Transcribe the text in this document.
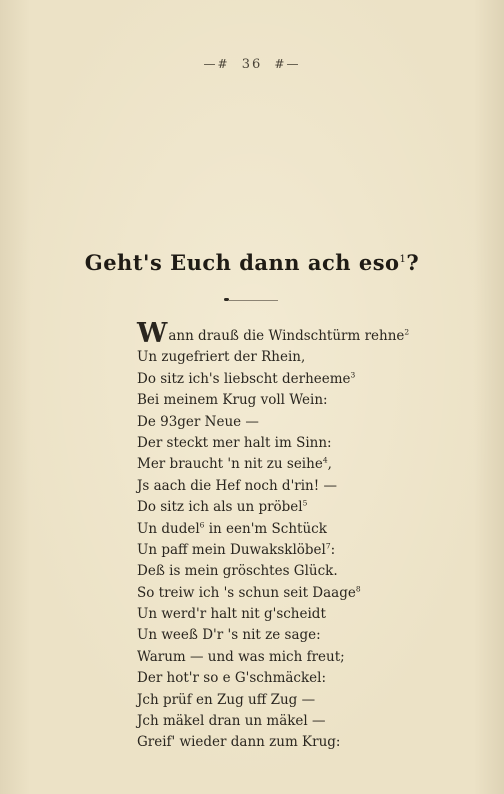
—# 36 #—
Geht's Euch dann ach eso$^1$?
Wann drauß die Windschtürm rehne$^2$
Un zugefriert der Rhein,
Do sitz ich's liebscht derheeme$^3$
Bei meinem Krug voll Wein:
De 93ger Neue —
Der steckt mer halt im Sinn:
Mer braucht 'n nit zu seihe$^4$,
Js aach die Hef noch d'rin! —
Do sitz ich als un pröbel$^5$
Un dudel$^6$ in een'm Schtück
Un paff mein Duwaksklöbel$^7$:
Deß is mein gröschtes Glück.
So treiw ich 's schun seit Daage$^8$
Un werd'r halt nit g'scheidt
Un weeß D'r 's nit ze sage:
Warum — und was mich freut;
Der hot'r so e G'schmäckel:
Jch prüf en Zug uff Zug —
Jch mäkel dran un mäkel —
Greif' wieder dann zum Krug:
